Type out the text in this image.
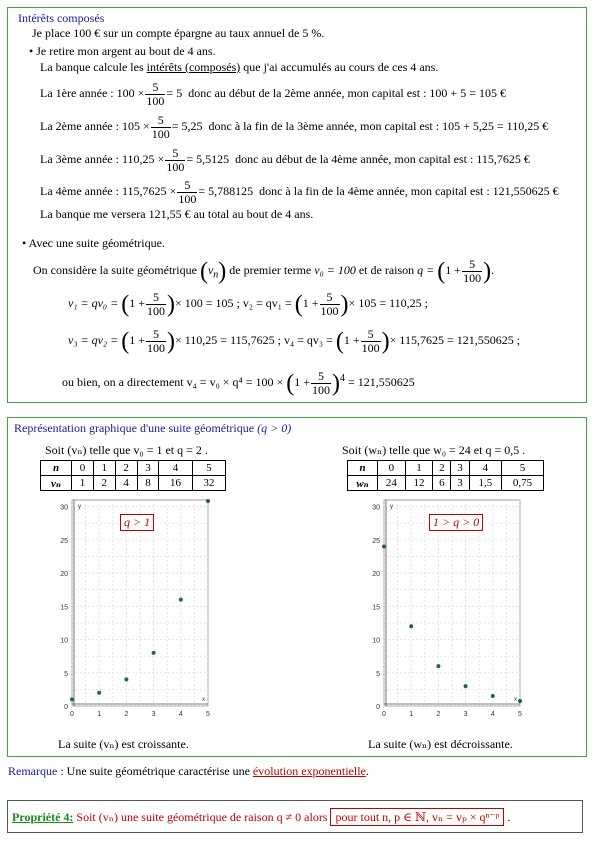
Intérêts composés
Je place 100 € sur un compte épargne au taux annuel de 5 %.
• Je retire mon argent au bout de 4 ans.
La banque calcule les intérêts (composés) que j'ai accumulés au cours de ces 4 ans.
La 1ère année : $100 \times \frac{5}{100} = 5$ donc au début de la 2ème année, mon capital est : 100 + 5 = 105 €
La 2ème année : $105 \times \frac{5}{100} = 5,25$ donc à la fin de la 3ème année, mon capital est : 105 + 5,25 = 110,25 €
La 3ème année : $110,25 \times \frac{5}{100} = 5,5125$ donc au début de la 4ème année, mon capital est : 115,7625 €
La 4ème année : $115,7625 \times \frac{5}{100} = 5,788125$ donc à la fin de la 4ème année, mon capital est : 121,550625 €
La banque me versera 121,55 € au total au bout de 4 ans.
• Avec une suite géométrique.
On considère la suite géométrique $(v_n)$ de premier terme v₀ = 100 et de raison $q = (1 + \frac{5}{100}$ ).
$v_1 = qv_0 = (1 + \frac{5}{100}$ )× 100 = 105 ; $v_2 = qv_1 = (1 + \frac{5}{100}$ )× 105 = 110,25 ;
$v_3 = qv_2 = (1 + \frac{5}{100}$ )× 110,25 = 115,7625 ; $v_4 = qv_3 = (1 + \frac{5}{100}$ )× 115,7625 = 121,550625 ;
ou bien, on a directement $v_4 = v_0 \times q^4 = 100 \times (1 + \frac{5}{100} )^4 = 121,550625$
Représentation graphique d'une suite géométrique (q > 0)
Soit (vₙ) telle que v₀ = 1 et q = 2 .	Soit (wₙ) telle que w₀ = 24 et q = 0,5 .
n	0	1	2	3	4	5
vₙ	1	2	4	8	16	32
n	0	1	2	3	4	5
wₙ	24	12	6	3	1,5	0,75
0
5
10
15
20
25
30
0	1	2	3	4	5
y
x
0
5
10
15
20
25
30
0	1	2	3	4	5
y
x
q > 1	1 > q > 0
La suite (vₙ) est croissante.	La suite (wₙ) est décroissante.
Remarque : Une suite géométrique caractérise une évolution exponentielle.
Propriété 4: Soit (vₙ) une suite géométrique de raison q ≠ 0 alors pour tout n, p ∈ ℕ, vₙ = vₚ × qⁿ⁻ᵖ .
